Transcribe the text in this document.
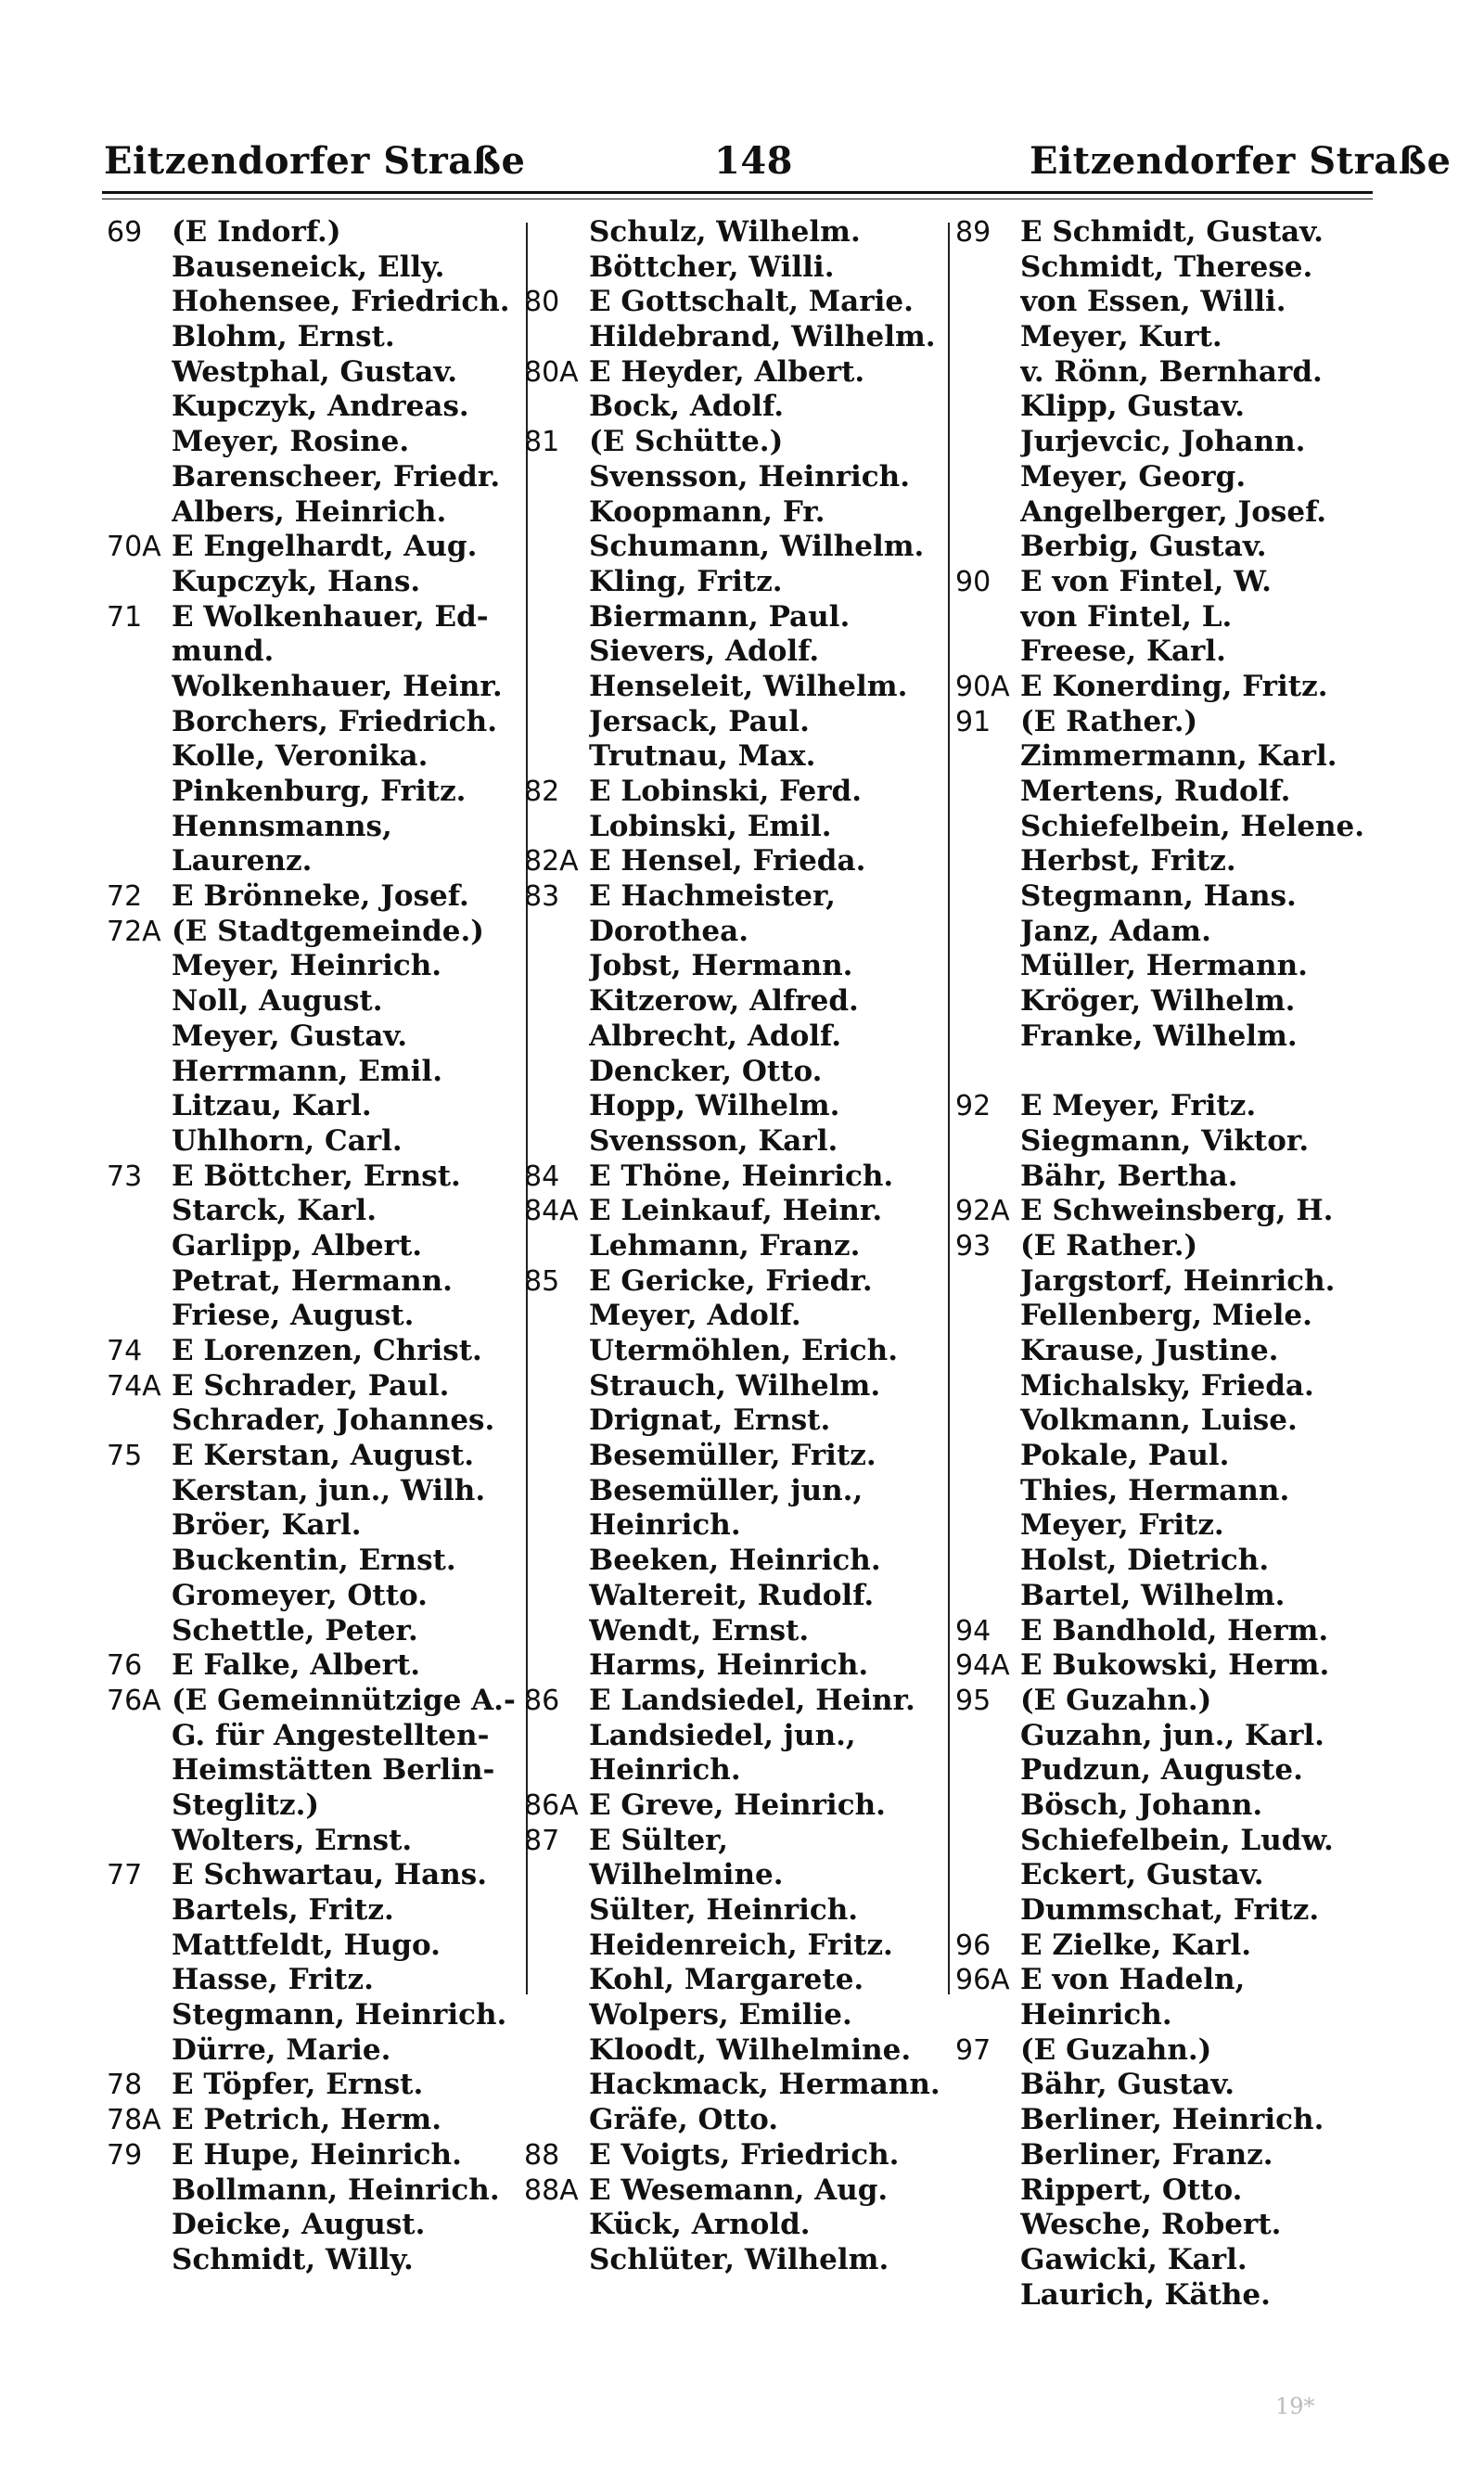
Eitzendorfer Straße	148	Eitzendorfer Straße
69	(E Indorf.)
Bauseneick, Elly.
Hohensee, Friedrich.
Blohm, Ernst.
Westphal, Gustav.
Kupczyk, Andreas.
Meyer, Rosine.
Barenscheer, Friedr.
Albers, Heinrich.
70A E Engelhardt, Aug.
Kupczyk, Hans.
71	E Wolkenhauer, Ed-
mund.
Wolkenhauer, Heinr.
Borchers, Friedrich.
Kolle, Veronika.
Pinkenburg, Fritz.
Hennsmanns,
Laurenz.
72	E Brönneke, Josef.
72A (E Stadtgemeinde.)
Meyer, Heinrich.
Noll, August.
Meyer, Gustav.
Herrmann, Emil.
Litzau, Karl.
Uhlhorn, Carl.
73	E Böttcher, Ernst.
Starck, Karl.
Garlipp, Albert.
Petrat, Hermann.
Friese, August.
74	E Lorenzen, Christ.
74A E Schrader, Paul.
Schrader, Johannes.
75	E Kerstan, August.
Kerstan, jun., Wilh.
Bröer, Karl.
Buckentin, Ernst.
Gromeyer, Otto.
Schettle, Peter.
76	E Falke, Albert.
76A (E Gemeinnützige A.-
G. für Angestellten-
Heimstätten Berlin-
Steglitz.)
Wolters, Ernst.
77	E Schwartau, Hans.
Bartels, Fritz.
Mattfeldt, Hugo.
Hasse, Fritz.
Stegmann, Heinrich.
Dürre, Marie.
78	E Töpfer, Ernst.
78A E Petrich, Herm.
79	E Hupe, Heinrich.
Bollmann, Heinrich.
Deicke, August.
Schmidt, Willy.
Schulz, Wilhelm.
Böttcher, Willi.
80	E Gottschalt, Marie.
Hildebrand, Wilhelm.
80A E Heyder, Albert.
Bock, Adolf.
81	(E Schütte.)
Svensson, Heinrich.
Koopmann, Fr.
Schumann, Wilhelm.
Kling, Fritz.
Biermann, Paul.
Sievers, Adolf.
Henseleit, Wilhelm.
Jersack, Paul.
Trutnau, Max.
82	E Lobinski, Ferd.
Lobinski, Emil.
82A E Hensel, Frieda.
83	E Hachmeister,
Dorothea.
Jobst, Hermann.
Kitzerow, Alfred.
Albrecht, Adolf.
Dencker, Otto.
Hopp, Wilhelm.
Svensson, Karl.
84	E Thöne, Heinrich.
84A E Leinkauf, Heinr.
Lehmann, Franz.
85	E Gericke, Friedr.
Meyer, Adolf.
Utermöhlen, Erich.
Strauch, Wilhelm.
Drignat, Ernst.
Besemüller, Fritz.
Besemüller, jun.,
Heinrich.
Beeken, Heinrich.
Waltereit, Rudolf.
Wendt, Ernst.
Harms, Heinrich.
86	E Landsiedel, Heinr.
Landsiedel, jun.,
Heinrich.
86A E Greve, Heinrich.
87	E Sülter,
Wilhelmine.
Sülter, Heinrich.
Heidenreich, Fritz.
Kohl, Margarete.
Wolpers, Emilie.
Kloodt, Wilhelmine.
Hackmack, Hermann.
Gräfe, Otto.
88	E Voigts, Friedrich.
88A E Wesemann, Aug.
Kück, Arnold.
Schlüter, Wilhelm.
89	E Schmidt, Gustav.
Schmidt, Therese.
von Essen, Willi.
Meyer, Kurt.
v. Rönn, Bernhard.
Klipp, Gustav.
Jurjevcic, Johann.
Meyer, Georg.
Angelberger, Josef.
Berbig, Gustav.
90	E von Fintel, W.
von Fintel, L.
Freese, Karl.
90A E Konerding, Fritz.
91	(E Rather.)
Zimmermann, Karl.
Mertens, Rudolf.
Schiefelbein, Helene.
Herbst, Fritz.
Stegmann, Hans.
Janz, Adam.
Müller, Hermann.
Kröger, Wilhelm.
Franke, Wilhelm.
92	E Meyer, Fritz.
Siegmann, Viktor.
Bähr, Bertha.
92A E Schweinsberg, H.
93	(E Rather.)
Jargstorf, Heinrich.
Fellenberg, Miele.
Krause, Justine.
Michalsky, Frieda.
Volkmann, Luise.
Pokale, Paul.
Thies, Hermann.
Meyer, Fritz.
Holst, Dietrich.
Bartel, Wilhelm.
94	E Bandhold, Herm.
94A E Bukowski, Herm.
95	(E Guzahn.)
Guzahn, jun., Karl.
Pudzun, Auguste.
Bösch, Johann.
Schiefelbein, Ludw.
Eckert, Gustav.
Dummschat, Fritz.
96	E Zielke, Karl.
96A E von Hadeln,
Heinrich.
97	(E Guzahn.)
Bähr, Gustav.
Berliner, Heinrich.
Berliner, Franz.
Rippert, Otto.
Wesche, Robert.
Gawicki, Karl.
Laurich, Käthe.
19*
